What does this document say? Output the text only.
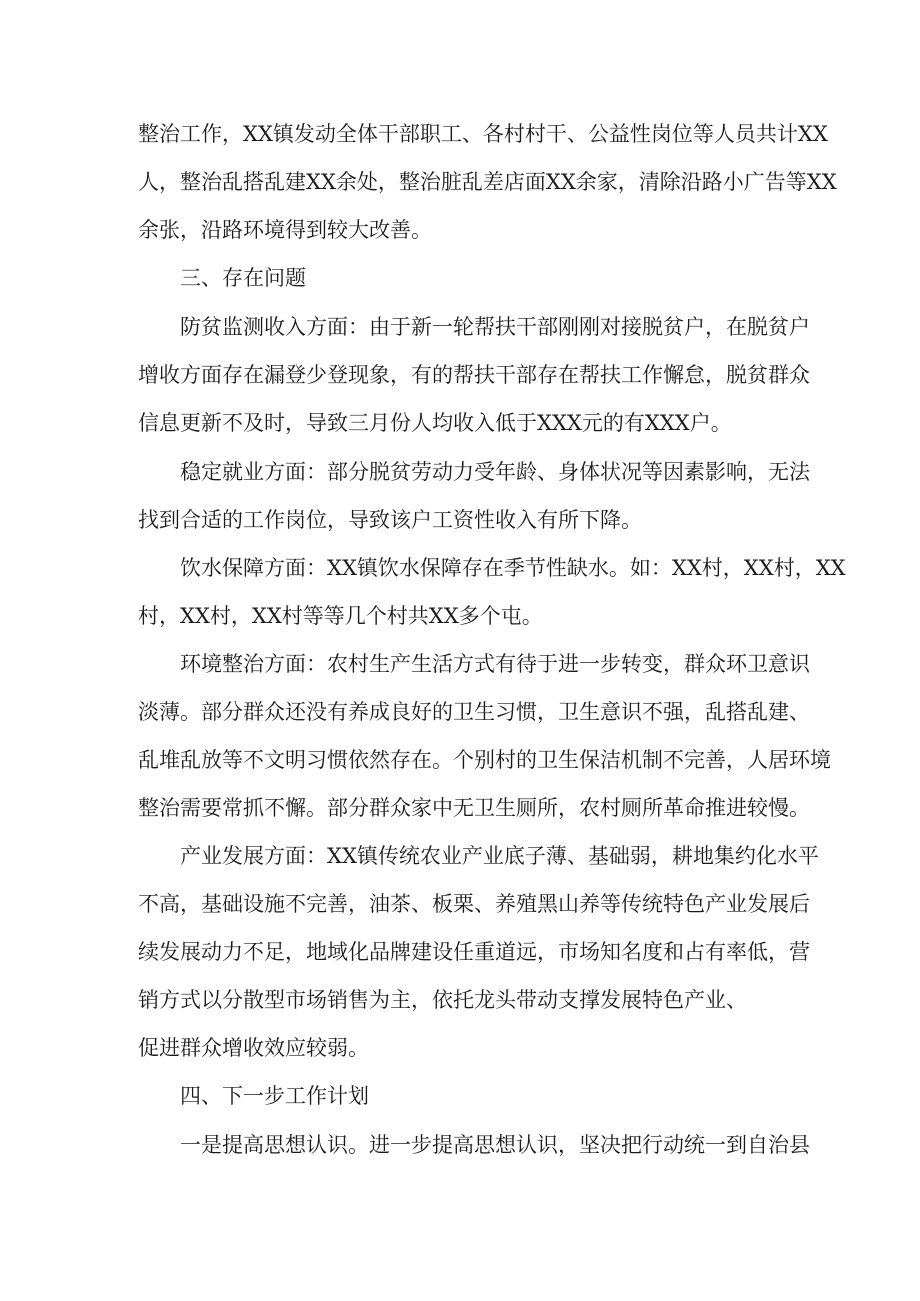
整治工作，XX镇发动全体干部职工、各村村干、公益性岗位等人员共计XX
人，整治乱搭乱建XX余处，整治脏乱差店面XX余家，清除沿路小广告等XX
余张，沿路环境得到较大改善。
三、存在问题
防贫监测收入方面：由于新一轮帮扶干部刚刚对接脱贫户，在脱贫户
增收方面存在漏登少登现象，有的帮扶干部存在帮扶工作懈怠，脱贫群众
信息更新不及时，导致三月份人均收入低于XXX元的有XXX户。
稳定就业方面：部分脱贫劳动力受年龄、身体状况等因素影响，无法
找到合适的工作岗位，导致该户工资性收入有所下降。
饮水保障方面：XX镇饮水保障存在季节性缺水。如：XX村，XX村，XX
村，XX村，XX村等等几个村共XX多个屯。
环境整治方面：农村生产生活方式有待于进一步转变，群众环卫意识
淡薄。部分群众还没有养成良好的卫生习惯，卫生意识不强，乱搭乱建、
乱堆乱放等不文明习惯依然存在。个别村的卫生保洁机制不完善，人居环境
整治需要常抓不懈。部分群众家中无卫生厕所，农村厕所革命推进较慢。
产业发展方面：XX镇传统农业产业底子薄、基础弱，耕地集约化水平
不高，基础设施不完善，油茶、板栗、养殖黑山养等传统特色产业发展后
续发展动力不足，地域化品牌建设任重道远，市场知名度和占有率低，营
销方式以分散型市场销售为主，依托龙头带动支撑发展特色产业、
促进群众增收效应较弱。
四、下一步工作计划
一是提高思想认识。进一步提高思想认识，坚决把行动统一到自治县
